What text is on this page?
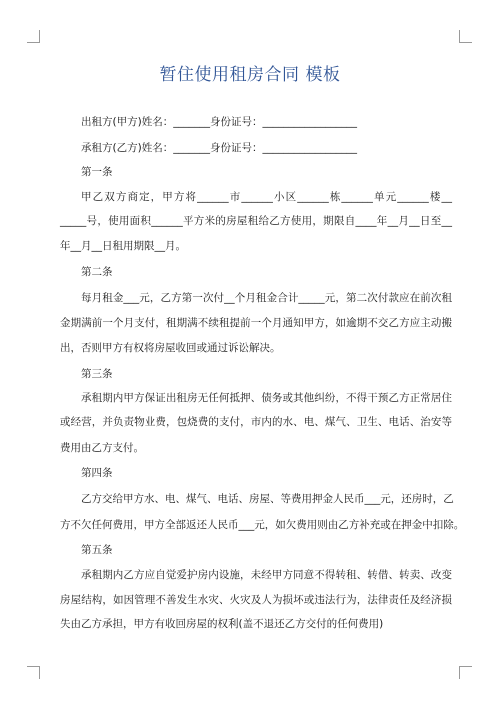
暂住使用租房合同 模板
出租方(甲方)姓名：_______身份证号：__________________
承租方(乙方)姓名：_______身份证号：__________________
第一条
甲乙双方商定，甲方将______市______小区______栋______单元______楼__
_____号，使用面积______平方米的房屋租给乙方使用，期限自____年__月__日至__
年__月__日租用期限__月。
第二条
每月租金___元，乙方第一次付__个月租金合计_____元，第二次付款应在前次租
金期满前一个月支付，租期满不续租提前一个月通知甲方，如逾期不交乙方应主动搬
出，否则甲方有权将房屋收回或通过诉讼解决。
第三条
承租期内甲方保证出租房无任何抵押、债务或其他纠纷，不得干预乙方正常居住
或经营，并负责物业费，包烧费的支付，市内的水、电、煤气、卫生、电话、治安等
费用由乙方支付。
第四条
乙方交给甲方水、电、煤气、电话、房屋、等费用押金人民币___元，还房时，乙
方不欠任何费用，甲方全部返还人民币___元，如欠费用则由乙方补充或在押金中扣除。
第五条
承租期内乙方应自觉爱护房内设施，未经甲方同意不得转租、转借、转卖、改变
房屋结构，如因管理不善发生水灾、火灾及人为损坏或违法行为，法律责任及经济损
失由乙方承担，甲方有收回房屋的权利(盖不退还乙方交付的任何费用)
